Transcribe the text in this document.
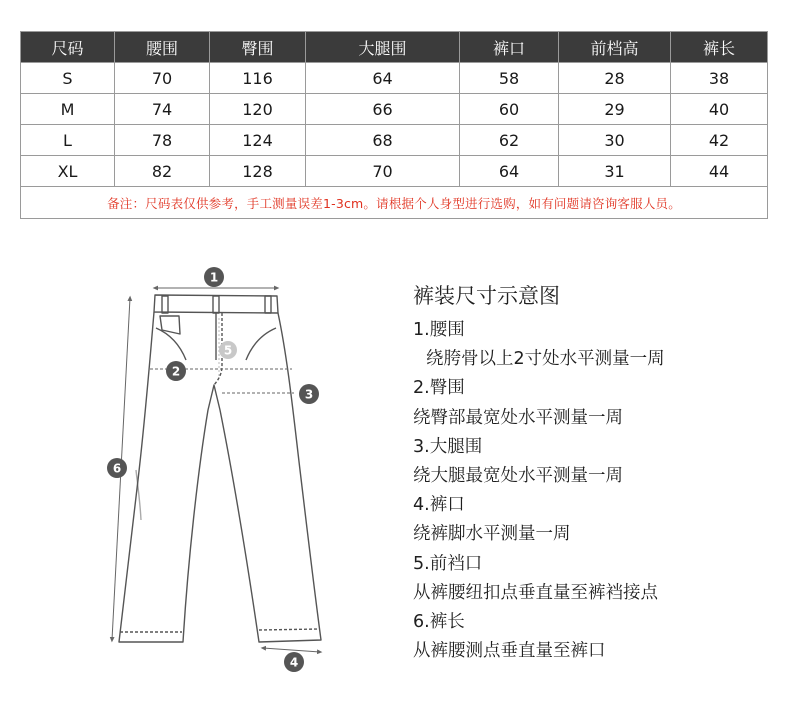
尺码	腰围	臀围	大腿围	裤口	前档高	裤长
S	70	116	64	58	28	38
M	74	120	66	60	29	40
L	78	124	68	62	30	42
XL	82	128	70	64	31	44
备注：尺码表仅供参考，手工测量误差1-3cm。请根据个人身型进行选购，如有问题请咨询客服人员。						
1
2
3
4
5
6
裤装尺寸示意图
1.腰围
绕胯骨以上2寸处水平测量一周
2.臀围
绕臀部最宽处水平测量一周
3.大腿围
绕大腿最宽处水平测量一周
4.裤口
绕裤脚水平测量一周
5.前裆口
从裤腰纽扣点垂直量至裤裆接点
6.裤长
从裤腰测点垂直量至裤口
